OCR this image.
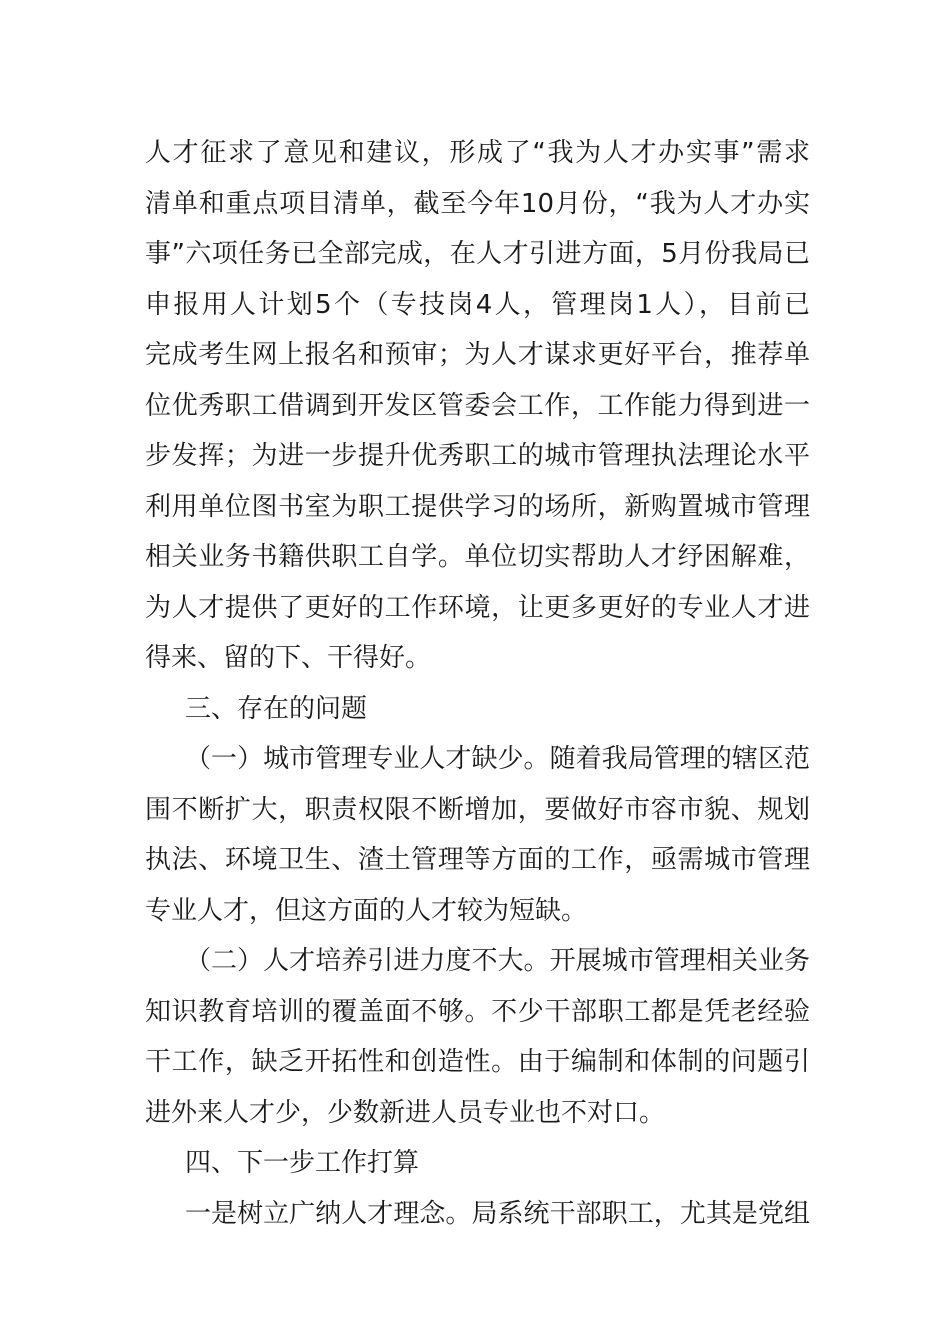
人才征求了意见和建议，形成了“我为人才办实事”需求
清单和重点项目清单，截至今年10月份，“我为人才办实
事”六项任务已全部完成，在人才引进方面，5月份我局已
申报用人计划5个（专技岗4人，管理岗1人），目前已
完成考生网上报名和预审；为人才谋求更好平台，推荐单
位优秀职工借调到开发区管委会工作，工作能力得到进一
步发挥；为进一步提升优秀职工的城市管理执法理论水平
利用单位图书室为职工提供学习的场所，新购置城市管理
相关业务书籍供职工自学。单位切实帮助人才纾困解难，
为人才提供了更好的工作环境，让更多更好的专业人才进
得来、留的下、干得好。
三、存在的问题
（一）城市管理专业人才缺少。随着我局管理的辖区范
围不断扩大，职责权限不断增加，要做好市容市貌、规划
执法、环境卫生、渣土管理等方面的工作，亟需城市管理
专业人才，但这方面的人才较为短缺。
（二）人才培养引进力度不大。开展城市管理相关业务
知识教育培训的覆盖面不够。不少干部职工都是凭老经验
干工作，缺乏开拓性和创造性。由于编制和体制的问题引
进外来人才少，少数新进人员专业也不对口。
四、下一步工作打算
一是树立广纳人才理念。局系统干部职工，尤其是党组
